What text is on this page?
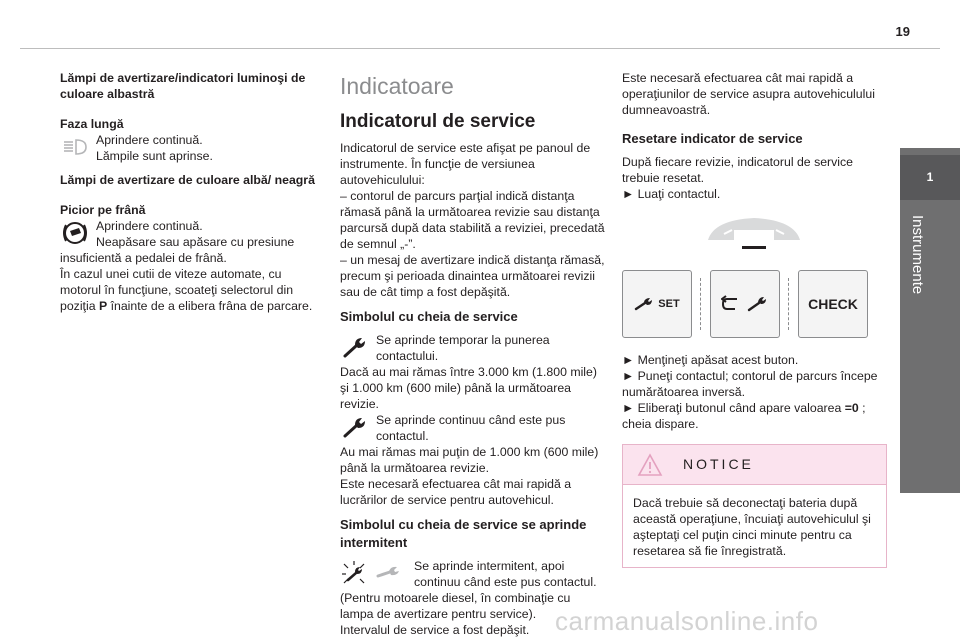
19
1
Instrumente

Lămpi de avertizare/indicatori luminoşi de culoare albastră

Faza lungă

Aprindere continuă.

Lămpile sunt aprinse.

Lămpi de avertizare de culoare albă/ neagră

Picior pe frână

Aprindere continuă.

Neapăsare sau apăsare cu presiune insuficientă a pedalei de frână.

În cazul unei cutii de viteze automate, cu motorul în funcţiune, scoateţi selectorul din poziţia P înainte de a elibera frâna de parcare.

Indicatoare

Indicatorul de service

Indicatorul de service este afişat pe panoul de instrumente. În funcţie de versiunea autovehiculului:

– contorul de parcurs parţial indică distanţa rămasă până la următoarea revizie sau distanţa parcursă după data stabilită a reviziei, precedată de semnul „-”.

– un mesaj de avertizare indică distanţa rămasă, precum şi perioada dinaintea următoarei revizii sau de cât timp a fost depăşită.

Simbolul cu cheia de service

Se aprinde temporar la punerea contactului.

Dacă au mai rămas între 3.000 km (1.800 mile) şi 1.000 km (600 mile) până la următoarea revizie.

Se aprinde continuu când este pus contactul.

Au mai rămas mai puţin de 1.000 km (600 mile) până la următoarea revizie.

Este necesară efectuarea cât mai rapidă a lucrărilor de service pentru autovehicul.

Simbolul cu cheia de service se aprinde intermitent

Se aprinde intermitent, apoi continuu când este pus contactul.

(Pentru motoarele diesel, în combinaţie cu lampa de avertizare pentru service).

Intervalul de service a fost depăşit.

Este necesară efectuarea cât mai rapidă a operaţiunilor de service asupra autovehiculului dumneavoastră.

Resetare indicator de service

După fiecare revizie, indicatorul de service trebuie resetat.

► Luaţi contactul.

SET	CHECK

► Menţineţi apăsat acest buton.

► Puneţi contactul; contorul de parcurs începe numărătoarea inversă.

► Eliberaţi butonul când apare valoarea =0 ; cheia dispare.

NOTICE
Dacă trebuie să deconectaţi bateria după această operaţiune, încuiaţi autovehiculul şi aşteptaţi cel puţin cinci minute pentru ca resetarea să fie înregistrată.
carmanualsonline.info
